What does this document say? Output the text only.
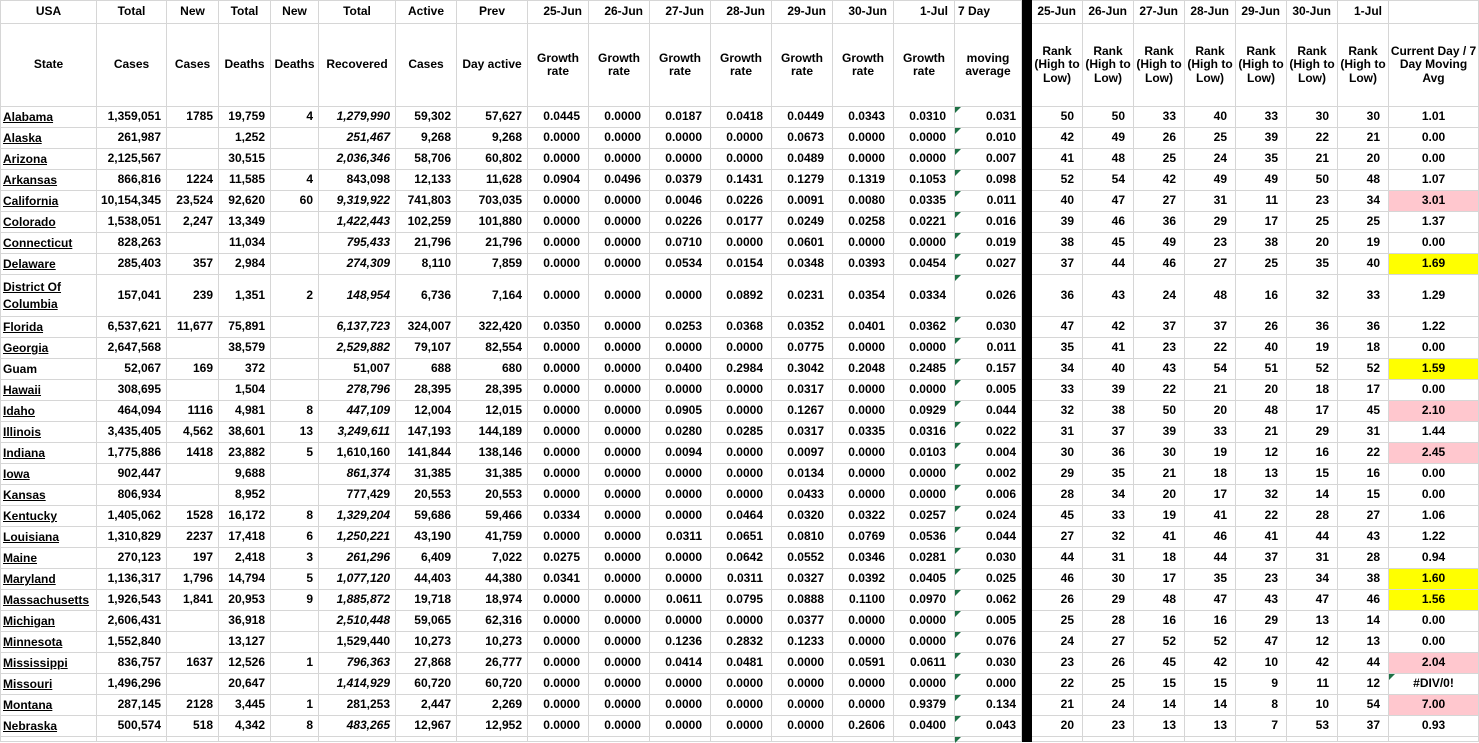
USA	Total	New	Total	New	Total	Active	Prev	25-Jun	26-Jun	27-Jun	28-Jun	29-Jun	30-Jun	1-Jul	7 Day		25-Jun	26-Jun	27-Jun	28-Jun	29-Jun	30-Jun	1-Jul	
State	Cases	Cases	Deaths	Deaths	Recovered	Cases	Day active	Growth rate	Growth rate	Growth rate	Growth rate	Growth rate	Growth rate	Growth rate	moving average		Rank (High to Low)	Rank (High to Low)	Rank (High to Low)	Rank (High to Low)	Rank (High to Low)	Rank (High to Low)	Rank (High to Low)	Current Day / 7 Day Moving Avg
Alabama	1,359,051	1785	19,759	4	1,279,990	59,302	57,627	0.0445	0.0000	0.0187	0.0418	0.0449	0.0343	0.0310	0.031		50	50	33	40	33	30	30	1.01
Alaska	261,987		1,252		251,467	9,268	9,268	0.0000	0.0000	0.0000	0.0000	0.0673	0.0000	0.0000	0.010		42	49	26	25	39	22	21	0.00
Arizona	2,125,567		30,515		2,036,346	58,706	60,802	0.0000	0.0000	0.0000	0.0000	0.0489	0.0000	0.0000	0.007		41	48	25	24	35	21	20	0.00
Arkansas	866,816	1224	11,585	4	843,098	12,133	11,628	0.0904	0.0496	0.0379	0.1431	0.1279	0.1319	0.1053	0.098		52	54	42	49	49	50	48	1.07
California	10,154,345	23,524	92,620	60	9,319,922	741,803	703,035	0.0000	0.0000	0.0046	0.0226	0.0091	0.0080	0.0335	0.011		40	47	27	31	11	23	34	3.01
Colorado	1,538,051	2,247	13,349		1,422,443	102,259	101,880	0.0000	0.0000	0.0226	0.0177	0.0249	0.0258	0.0221	0.016		39	46	36	29	17	25	25	1.37
Connecticut	828,263		11,034		795,433	21,796	21,796	0.0000	0.0000	0.0710	0.0000	0.0601	0.0000	0.0000	0.019		38	45	49	23	38	20	19	0.00
Delaware	285,403	357	2,984		274,309	8,110	7,859	0.0000	0.0000	0.0534	0.0154	0.0348	0.0393	0.0454	0.027		37	44	46	27	25	35	40	1.69
District Of Columbia	157,041	239	1,351	2	148,954	6,736	7,164	0.0000	0.0000	0.0000	0.0892	0.0231	0.0354	0.0334	0.026		36	43	24	48	16	32	33	1.29
Florida	6,537,621	11,677	75,891		6,137,723	324,007	322,420	0.0350	0.0000	0.0253	0.0368	0.0352	0.0401	0.0362	0.030		47	42	37	37	26	36	36	1.22
Georgia	2,647,568		38,579		2,529,882	79,107	82,554	0.0000	0.0000	0.0000	0.0000	0.0775	0.0000	0.0000	0.011		35	41	23	22	40	19	18	0.00
Guam	52,067	169	372		51,007	688	680	0.0000	0.0000	0.0400	0.2984	0.3042	0.2048	0.2485	0.157		34	40	43	54	51	52	52	1.59
Hawaii	308,695		1,504		278,796	28,395	28,395	0.0000	0.0000	0.0000	0.0000	0.0317	0.0000	0.0000	0.005		33	39	22	21	20	18	17	0.00
Idaho	464,094	1116	4,981	8	447,109	12,004	12,015	0.0000	0.0000	0.0905	0.0000	0.1267	0.0000	0.0929	0.044		32	38	50	20	48	17	45	2.10
Illinois	3,435,405	4,562	38,601	13	3,249,611	147,193	144,189	0.0000	0.0000	0.0280	0.0285	0.0317	0.0335	0.0316	0.022		31	37	39	33	21	29	31	1.44
Indiana	1,775,886	1418	23,882	5	1,610,160	141,844	138,146	0.0000	0.0000	0.0094	0.0000	0.0097	0.0000	0.0103	0.004		30	36	30	19	12	16	22	2.45
Iowa	902,447		9,688		861,374	31,385	31,385	0.0000	0.0000	0.0000	0.0000	0.0134	0.0000	0.0000	0.002		29	35	21	18	13	15	16	0.00
Kansas	806,934		8,952		777,429	20,553	20,553	0.0000	0.0000	0.0000	0.0000	0.0433	0.0000	0.0000	0.006		28	34	20	17	32	14	15	0.00
Kentucky	1,405,062	1528	16,172	8	1,329,204	59,686	59,466	0.0334	0.0000	0.0000	0.0464	0.0320	0.0322	0.0257	0.024		45	33	19	41	22	28	27	1.06
Louisiana	1,310,829	2237	17,418	6	1,250,221	43,190	41,759	0.0000	0.0000	0.0311	0.0651	0.0810	0.0769	0.0536	0.044		27	32	41	46	41	44	43	1.22
Maine	270,123	197	2,418	3	261,296	6,409	7,022	0.0275	0.0000	0.0000	0.0642	0.0552	0.0346	0.0281	0.030		44	31	18	44	37	31	28	0.94
Maryland	1,136,317	1,796	14,794	5	1,077,120	44,403	44,380	0.0341	0.0000	0.0000	0.0311	0.0327	0.0392	0.0405	0.025		46	30	17	35	23	34	38	1.60
Massachusetts	1,926,543	1,841	20,953	9	1,885,872	19,718	18,974	0.0000	0.0000	0.0611	0.0795	0.0888	0.1100	0.0970	0.062		26	29	48	47	43	47	46	1.56
Michigan	2,606,431		36,918		2,510,448	59,065	62,316	0.0000	0.0000	0.0000	0.0000	0.0377	0.0000	0.0000	0.005		25	28	16	16	29	13	14	0.00
Minnesota	1,552,840		13,127		1,529,440	10,273	10,273	0.0000	0.0000	0.1236	0.2832	0.1233	0.0000	0.0000	0.076		24	27	52	52	47	12	13	0.00
Mississippi	836,757	1637	12,526	1	796,363	27,868	26,777	0.0000	0.0000	0.0414	0.0481	0.0000	0.0591	0.0611	0.030		23	26	45	42	10	42	44	2.04
Missouri	1,496,296		20,647		1,414,929	60,720	60,720	0.0000	0.0000	0.0000	0.0000	0.0000	0.0000	0.0000	0.000		22	25	15	15	9	11	12	#DIV/0!
Montana	287,145	2128	3,445	1	281,253	2,447	2,269	0.0000	0.0000	0.0000	0.0000	0.0000	0.0000	0.9379	0.134		21	24	14	14	8	10	54	7.00
Nebraska	500,574	518	4,342	8	483,265	12,967	12,952	0.0000	0.0000	0.0000	0.0000	0.0000	0.2606	0.0400	0.043		20	23	13	13	7	53	37	0.93
